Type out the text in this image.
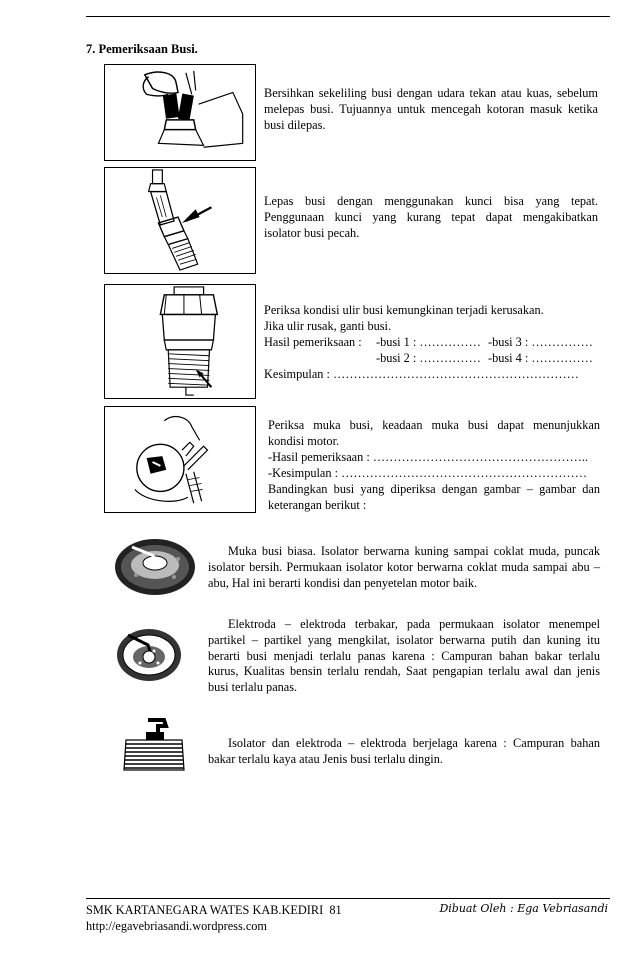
7. Pemeriksaan Busi.
Bersihkan sekeliling busi dengan udara tekan atau kuas, sebelum
melepas busi. Tujuannya untuk mencegah kotoran masuk ketika
busi dilepas.
Lepas busi dengan menggunakan kunci bisa yang tepat.
Penggunaan kunci yang kurang tepat dapat mengakibatkan
isolator busi pecah.
Periksa kondisi ulir busi kemungkinan terjadi kerusakan.
Jika ulir rusak, ganti busi.
Hasil pemeriksaan : -busi 1 : …………… -busi 3 : ……………
-busi 2 : …………… -busi 4 : ……………
Kesimpulan : ……………………………………………………
Periksa muka busi, keadaan muka busi dapat menunjukkan
kondisi motor.
-Hasil pemeriksaan : ……………………………………………..
-Kesimpulan : ……………………………………………………
Bandingkan busi yang diperiksa dengan gambar – gambar dan
keterangan berikut :
Muka busi biasa. Isolator berwarna kuning sampai coklat muda, puncak
isolator bersih. Permukaan isolator kotor berwarna coklat muda sampai abu –
abu, Hal ini berarti kondisi dan penyetelan motor baik.
Elektroda – elektroda terbakar, pada permukaan isolator menempel
partikel – partikel yang mengkilat, isolator berwarna putih dan kuning itu
berarti busi menjadi terlalu panas karena : Campuran bahan bakar terlalu
kurus, Kualitas bensin terlalu rendah, Saat pengapian terlalu awal dan jenis
busi terlalu panas.
Isolator dan elektroda – elektroda berjelaga karena : Campuran bahan
bakar terlalu kaya atau Jenis busi terlalu dingin.
SMK KARTANEGARA WATES KAB.KEDIRI 81
http://egavebriasandi.wordpress.com
Dibuat Oleh : Ega Vebriasandi
